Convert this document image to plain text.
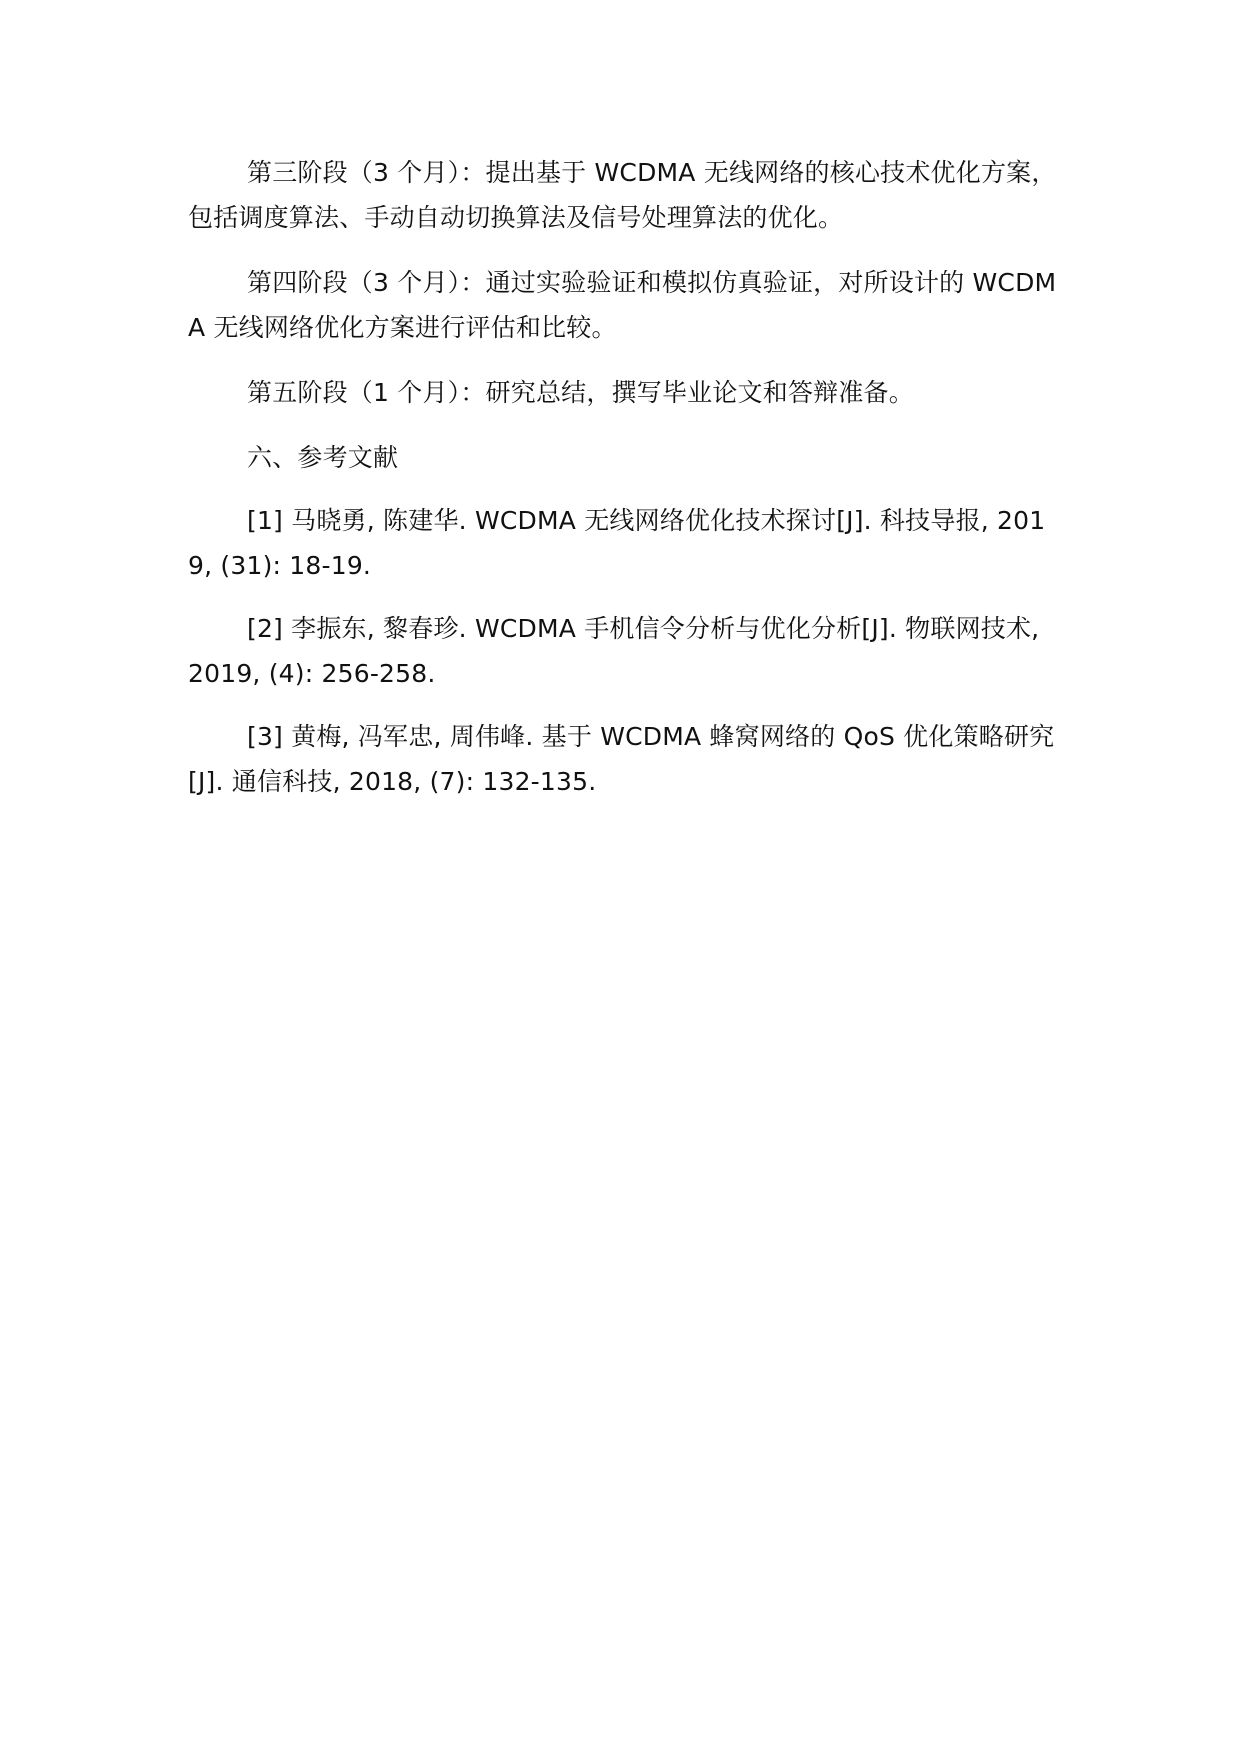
第三阶段（3 个月）：提出基于 WCDMA 无线网络的核心技术优化方案，包括调度算法、手动自动切换算法及信号处理算法的优化。

第四阶段（3 个月）：通过实验验证和模拟仿真验证，对所设计的 WCDMA 无线网络优化方案进行评估和比较。

第五阶段（1 个月）：研究总结，撰写毕业论文和答辩准备。

六、参考文献

[1] 马晓勇, 陈建华. WCDMA 无线网络优化技术探讨[J]. 科技导报, 2019, (31): 18-19.

[2] 李振东, 黎春珍. WCDMA 手机信令分析与优化分析[J]. 物联网技术, 2019, (4): 256-258.

[3] 黄梅, 冯军忠, 周伟峰. 基于 WCDMA 蜂窝网络的 QoS 优化策略研究[J]. 通信科技, 2018, (7): 132-135.
